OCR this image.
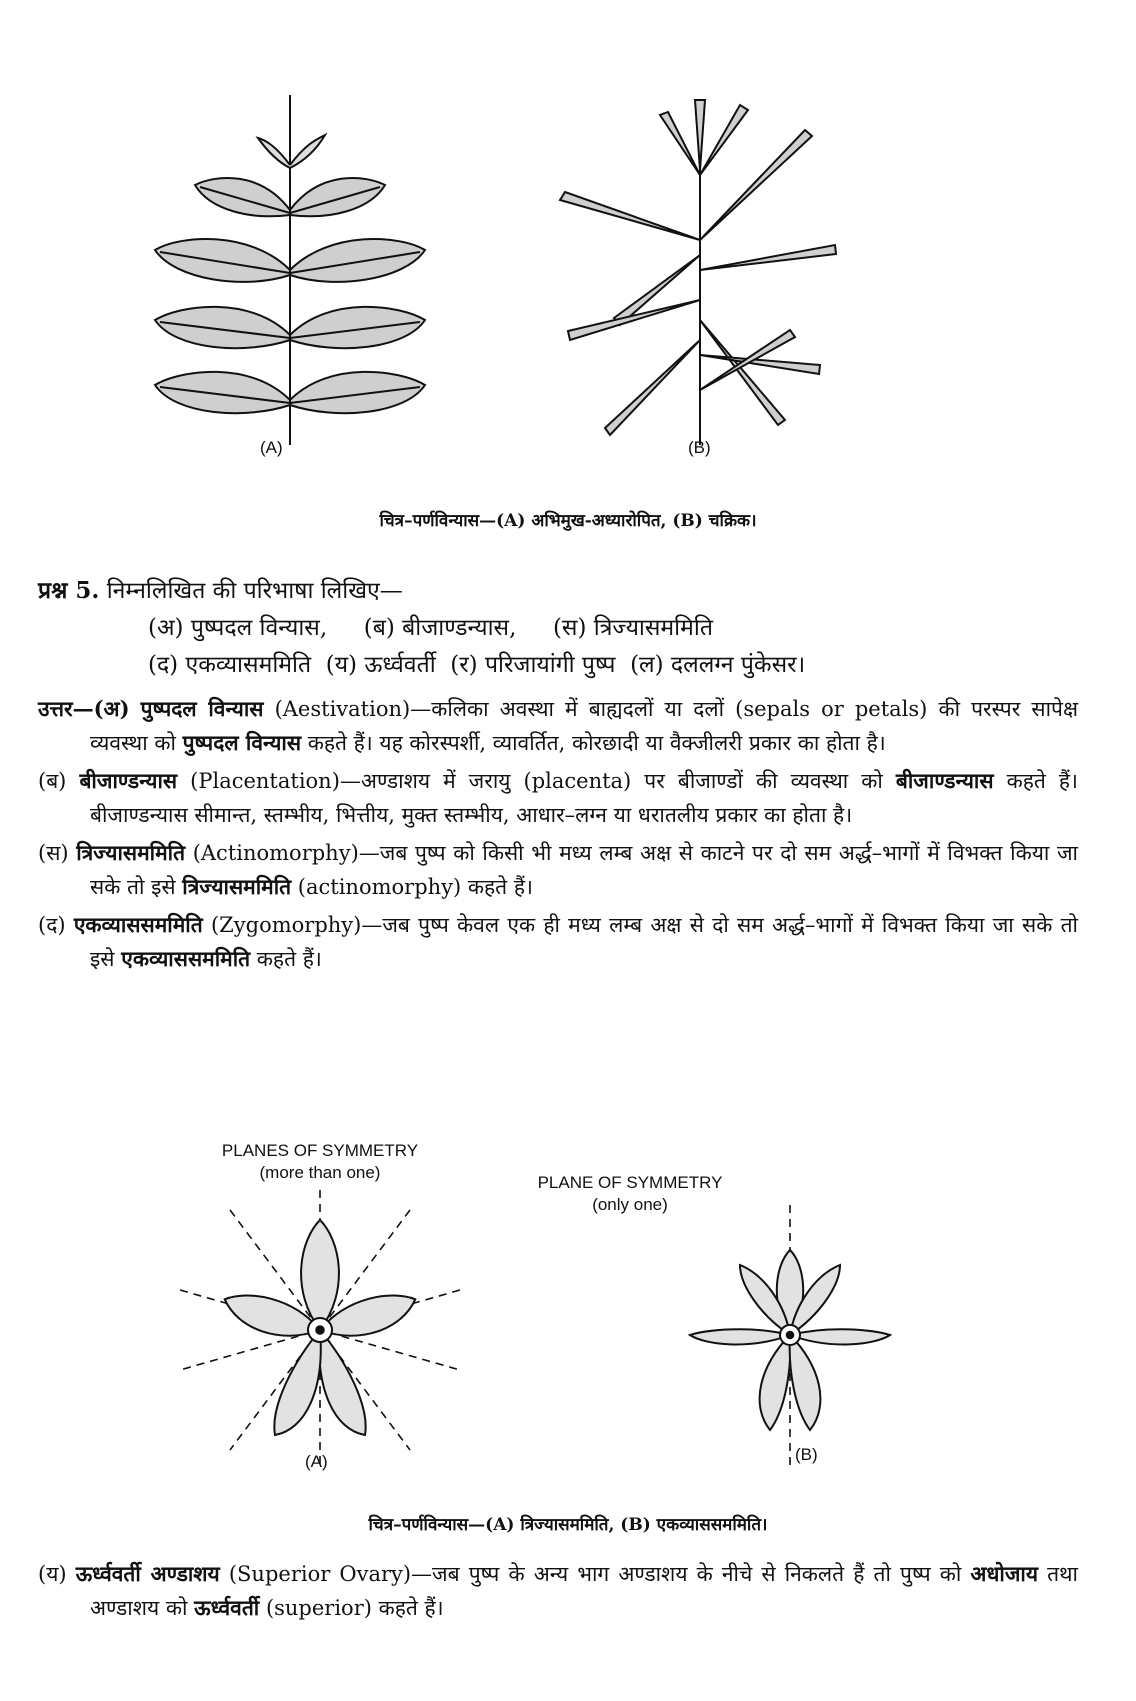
(A)	(B)
चित्र–पर्णविन्यास—(A) अभिमुख-अध्यारोपित, (B) चक्रिक।
प्रश्न 5. निम्नलिखित की परिभाषा लिखिए—
(अ) पुष्पदल विन्यास,     (ब) बीजाण्डन्यास,     (स) त्रिज्यासममिति
(द) एकव्यासममिति  (य) ऊर्ध्ववर्ती  (र) परिजायांगी पुष्प  (ल) दललग्न पुंकेसर।

उत्तर—(अ) पुष्पदल विन्यास (Aestivation)—कलिका अवस्था में बाह्यदलों या दलों (sepals or petals) की परस्पर सापेक्ष व्यवस्था को पुष्पदल विन्यास कहते हैं। यह कोरस्पर्शी, व्यावर्तित, कोरछादी या वैक्जीलरी प्रकार का होता है।

(ब) बीजाण्डन्यास (Placentation)—अण्डाशय में जरायु (placenta) पर बीजाण्डों की व्यवस्था को बीजाण्डन्यास कहते हैं। बीजाण्डन्यास सीमान्त, स्तम्भीय, भित्तीय, मुक्त स्तम्भीय, आधार–लग्न या धरातलीय प्रकार का होता है।

(स) त्रिज्यासममिति (Actinomorphy)—जब पुष्प को किसी भी मध्य लम्ब अक्ष से काटने पर दो सम अर्द्ध–भागों में विभक्त किया जा सके तो इसे त्रिज्यासममिति (actinomorphy) कहते हैं।

(द) एकव्याससममिति (Zygomorphy)—जब पुष्प केवल एक ही मध्य लम्ब अक्ष से दो सम अर्द्ध–भागों में विभक्त किया जा सके तो इसे एकव्याससममिति कहते हैं।

PLANES OF SYMMETRY
(more than one)
(A)
PLANE OF SYMMETRY
(only one)
(B)
चित्र–पर्णविन्यास—(A) त्रिज्यासममिति, (B) एकव्याससममिति।

(य) ऊर्ध्ववर्ती अण्डाशय (Superior Ovary)—जब पुष्प के अन्य भाग अण्डाशय के नीचे से निकलते हैं तो पुष्प को अधोजाय तथा अण्डाशय को ऊर्ध्ववर्ती (superior) कहते हैं।
